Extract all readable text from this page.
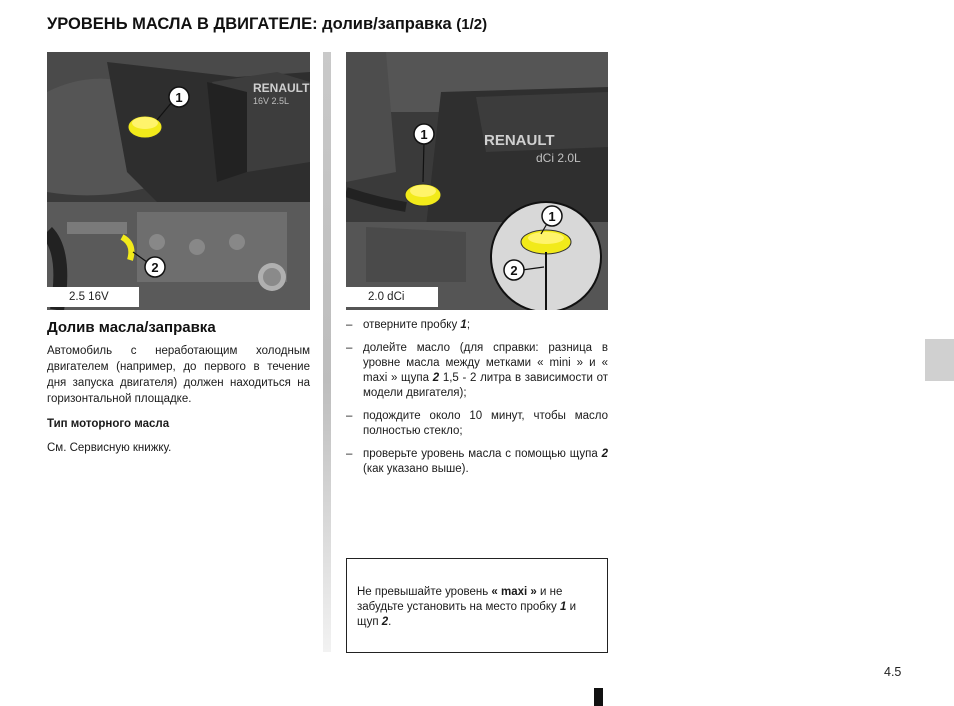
УРОВЕНЬ МАСЛА В ДВИГАТЕЛЕ: долив/заправка (1/2)
RENAULT
16V 2.5L
1
2
2.5 16V
RENAULT
dCi 2.0L
1
1
2
2.0 dCi
Долив масла/заправка
Автомобиль с неработающим холодным двигателем (например, до первого в течение дня запуска двигателя) должен находиться на горизонтальной площадке.
Тип моторного масла
См. Сервисную книжку.
– отверните пробку 1;
– долейте масло (для справки: разница в уровне масла между метками « mini » и « maxi » щупа 2 1,5 - 2 литра в зависимости от модели двигателя);
– подождите около 10 минут, чтобы масло полностью стекло;
– проверьте уровень масла с помощью щупа 2 (как указано выше).
Не превышайте уровень « maxi » и не забудьте установить на место пробку 1 и щуп 2.
4.5
